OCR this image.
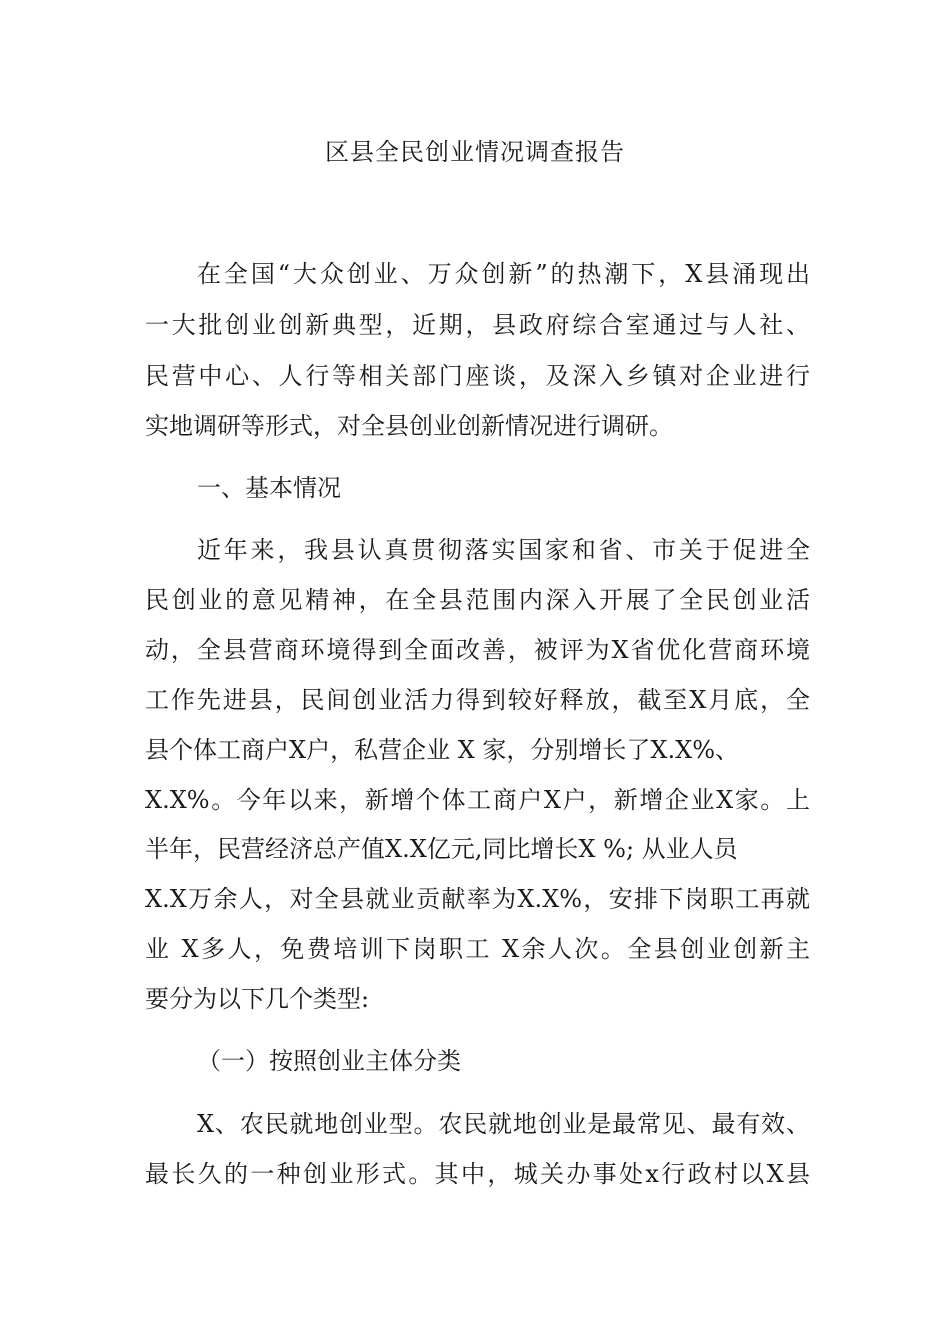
区县全民创业情况调查报告
在全国“大众创业、万众创新”的热潮下，X县涌现出
一大批创业创新典型，近期，县政府综合室通过与人社、
民营中心、人行等相关部门座谈，及深入乡镇对企业进行
实地调研等形式，对全县创业创新情况进行调研。
一、基本情况
近年来，我县认真贯彻落实国家和省、市关于促进全
民创业的意见精神，在全县范围内深入开展了全民创业活
动，全县营商环境得到全面改善，被评为X省优化营商环境
工作先进县，民间创业活力得到较好释放，截至X月底，全
县个体工商户X户，私营企业 X 家，分别增长了X.X%、
X.X%。今年以来，新增个体工商户X户，新增企业X家。上
半年，民营经济总产值X.X亿元,同比增长X %; 从业人员
X.X万余人，对全县就业贡献率为X.X%，安排下岗职工再就
业 X多人，免费培训下岗职工 X余人次。全县创业创新主
要分为以下几个类型:
（一）按照创业主体分类
X、农民就地创业型。农民就地创业是最常见、最有效、
最长久的一种创业形式。其中，城关办事处x行政村以X县
